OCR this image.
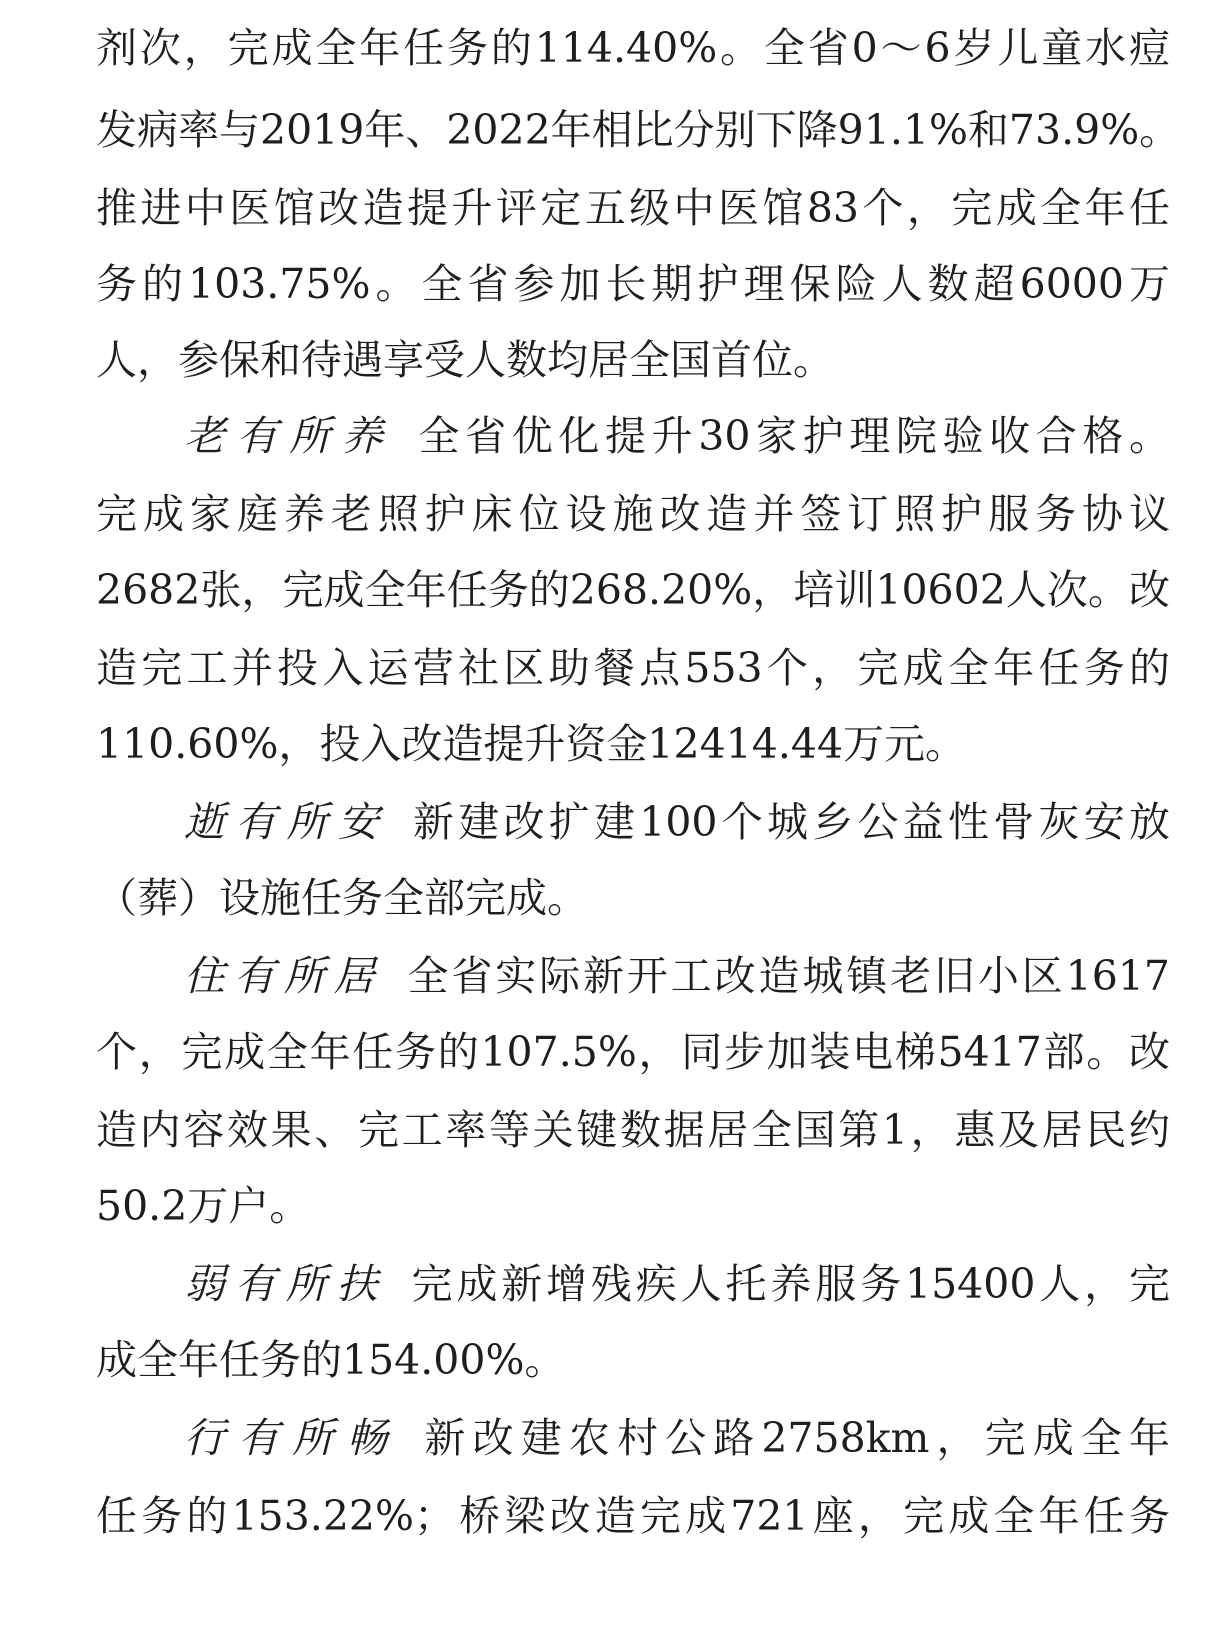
剂次，完成全年任务的114.40%。全省0～6岁儿童水痘
发病率与2019年、2022年相比分别下降91.1%和73.9%。
推进中医馆改造提升评定五级中医馆83个，完成全年任
务的103.75%。全省参加长期护理保险人数超6000万
人，参保和待遇享受人数均居全国首位。
老有所养 全省优化提升30家护理院验收合格。
完成家庭养老照护床位设施改造并签订照护服务协议
2682张，完成全年任务的268.20%，培训10602人次。改
造完工并投入运营社区助餐点553个，完成全年任务的
110.60%，投入改造提升资金12414.44万元。
逝有所安 新建改扩建100个城乡公益性骨灰安放
（葬）设施任务全部完成。
住有所居 全省实际新开工改造城镇老旧小区1617
个，完成全年任务的107.5%，同步加装电梯5417部。改
造内容效果、完工率等关键数据居全国第1，惠及居民约
50.2万户。
弱有所扶 完成新增残疾人托养服务15400人，完
成全年任务的154.00%。
行有所畅 新改建农村公路2758km，完成全年
任务的153.22%；桥梁改造完成721座，完成全年任务
